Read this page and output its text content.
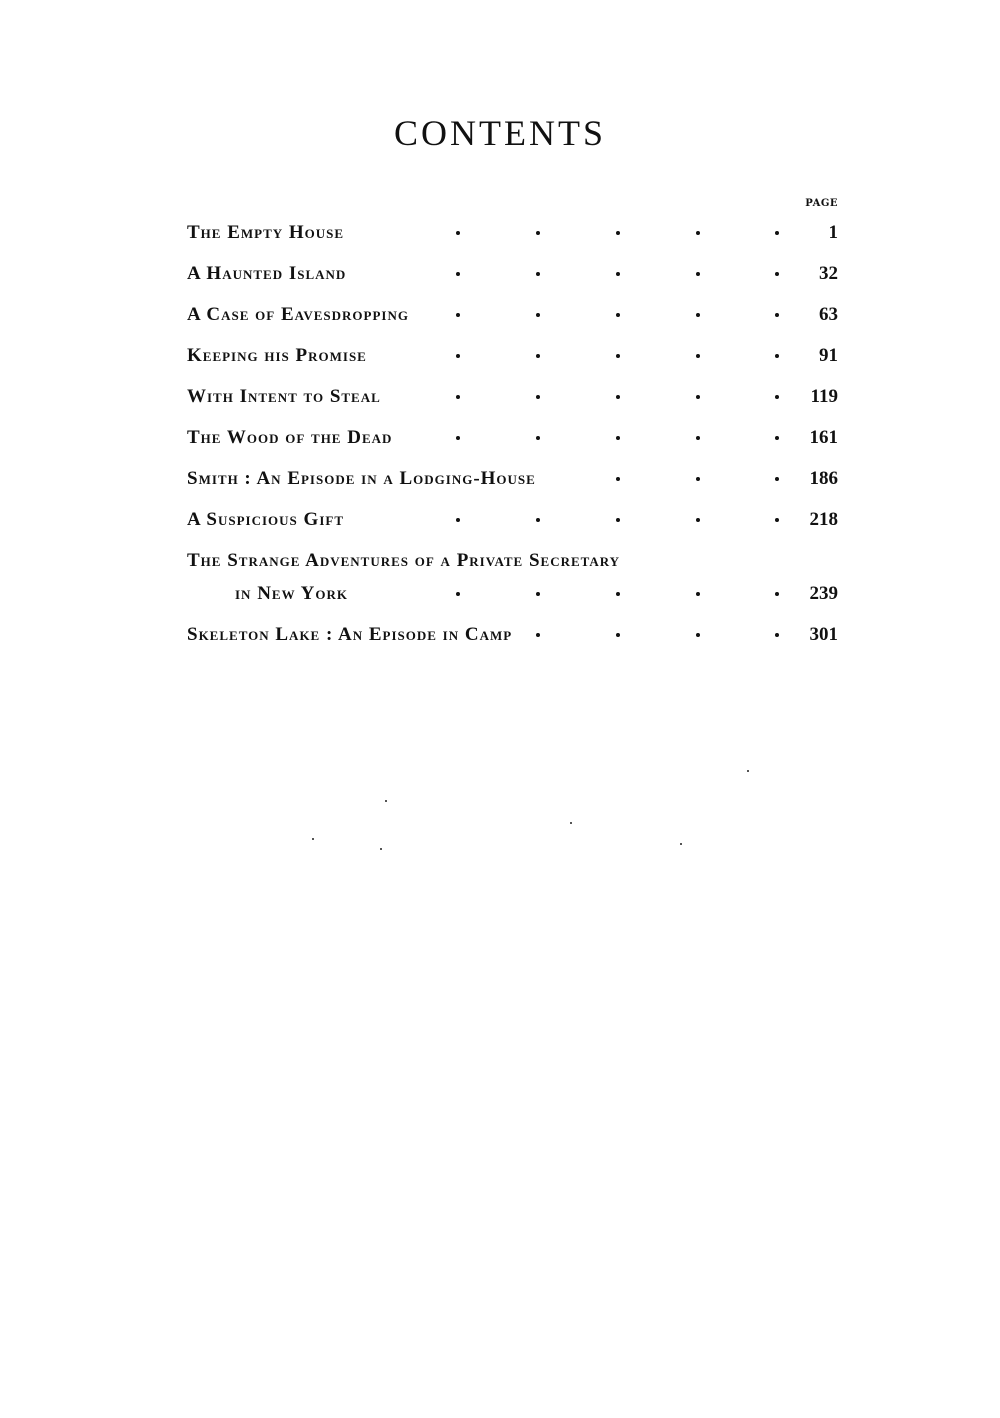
CONTENTS
PAGE
The Empty House	1
A Haunted Island	32
A Case of Eavesdropping	63
Keeping his Promise	91
With Intent to Steal	119
The Wood of the Dead	161
Smith : An Episode in a Lodging-House	186
A Suspicious Gift	218
The Strange Adventures of a Private Secretary
in New York	239
Skeleton Lake : An Episode in Camp	301
